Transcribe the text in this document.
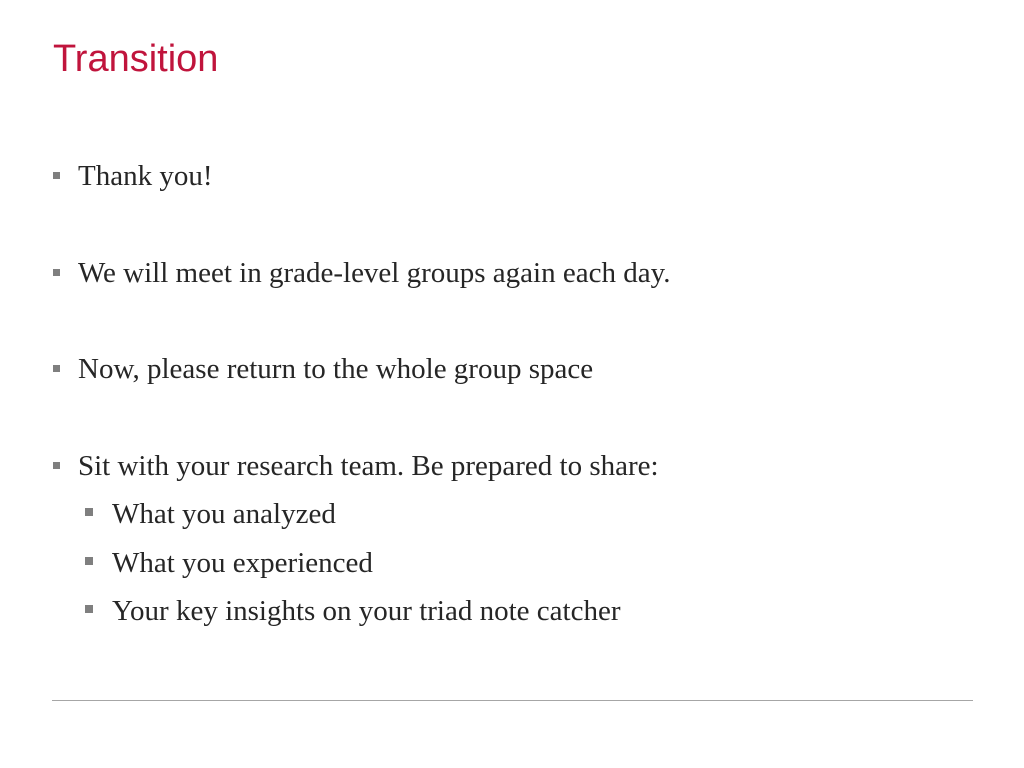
Transition
Thank you!
We will meet in grade-level groups again each day.
Now, please return to the whole group space
Sit with your research team. Be prepared to share:
What you analyzed
What you experienced
Your key insights on your triad note catcher
